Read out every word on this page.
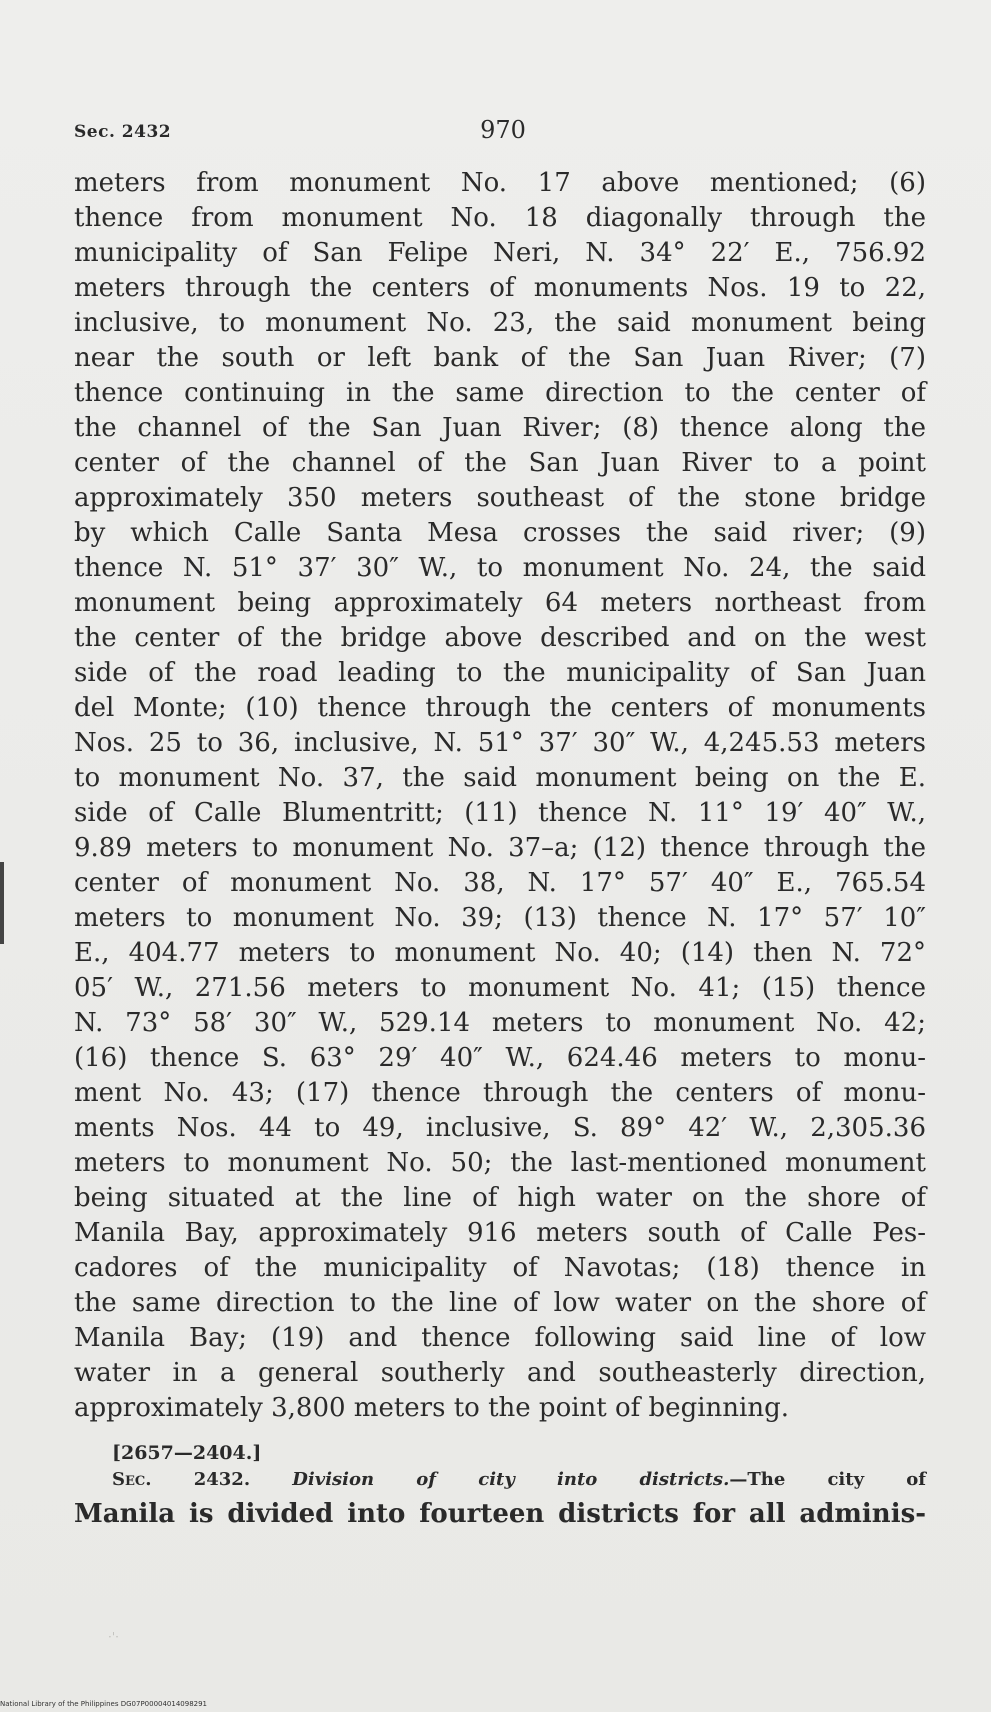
Sec. 2432	970
meters from monument No. 17 above mentioned; (6)
thence from monument No. 18 diagonally through the
municipality of San Felipe Neri, N. 34° 22′ E., 756.92
meters through the centers of monuments Nos. 19 to 22,
inclusive, to monument No. 23, the said monument being
near the south or left bank of the San Juan River; (7)
thence continuing in the same direction to the center of
the channel of the San Juan River; (8) thence along the
center of the channel of the San Juan River to a point
approximately 350 meters southeast of the stone bridge
by which Calle Santa Mesa crosses the said river; (9)
thence N. 51° 37′ 30″ W., to monument No. 24, the said
monument being approximately 64 meters northeast from
the center of the bridge above described and on the west
side of the road leading to the municipality of San Juan
del Monte; (10) thence through the centers of monuments
Nos. 25 to 36, inclusive, N. 51° 37′ 30″ W., 4,245.53 meters
to monument No. 37, the said monument being on the E.
side of Calle Blumentritt; (11) thence N. 11° 19′ 40″ W.,
9.89 meters to monument No. 37–a; (12) thence through the
center of monument No. 38, N. 17° 57′ 40″ E., 765.54
meters to monument No. 39; (13) thence N. 17° 57′ 10″
E., 404.77 meters to monument No. 40; (14) then N. 72°
05′ W., 271.56 meters to monument No. 41; (15) thence
N. 73° 58′ 30″ W., 529.14 meters to monument No. 42;
(16) thence S. 63° 29′ 40″ W., 624.46 meters to monu-
ment No. 43; (17) thence through the centers of monu-
ments Nos. 44 to 49, inclusive, S. 89° 42′ W., 2,305.36
meters to monument No. 50; the last-mentioned monument
being situated at the line of high water on the shore of
Manila Bay, approximately 916 meters south of Calle Pes-
cadores of the municipality of Navotas; (18) thence in
the same direction to the line of low water on the shore of
Manila Bay; (19) and thence following said line of low
water in a general southerly and southeasterly direction,
approximately 3,800 meters to the point of beginning.
[2657—2404.]
Sec. 2432. Division of city into districts.—The city of
Manila is divided into fourteen districts for all adminis-
·'·
National Library of the Philippines DG07P00004014098291
